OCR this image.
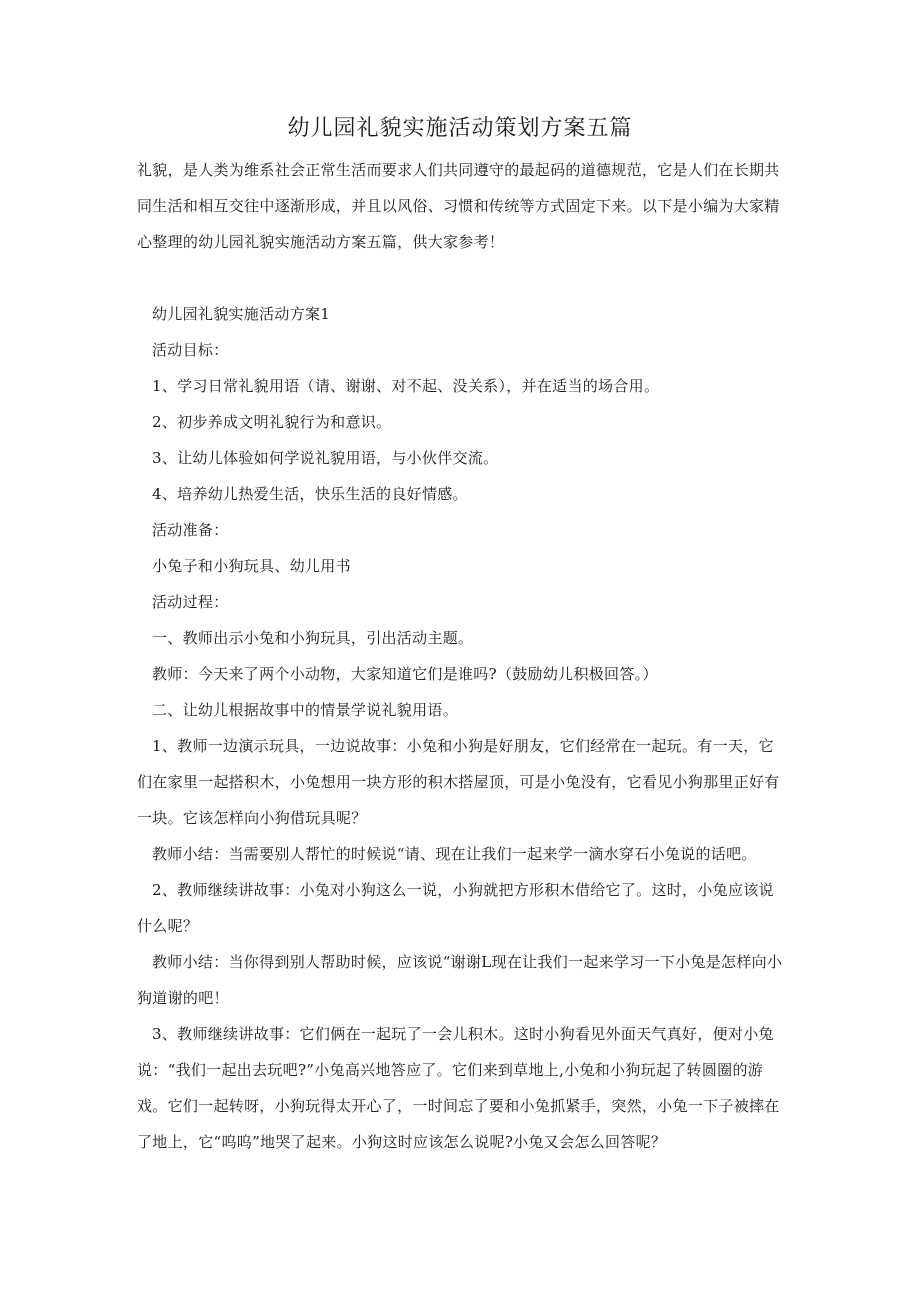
幼儿园礼貌实施活动策划方案五篇

礼貌，是人类为维系社会正常生活而要求人们共同遵守的最起码的道德规范，它是人们在长期共同生活和相互交往中逐渐形成，并且以风俗、习惯和传统等方式固定下来。以下是小编为大家精心整理的幼儿园礼貌实施活动方案五篇，供大家参考！

幼儿园礼貌实施活动方案1

活动目标：

1、学习日常礼貌用语（请、谢谢、对不起、没关系），并在适当的场合用。

2、初步养成文明礼貌行为和意识。

3、让幼儿体验如何学说礼貌用语，与小伙伴交流。

4、培养幼儿热爱生活，快乐生活的良好情感。

活动准备：

小兔子和小狗玩具、幼儿用书

活动过程：

一、教师出示小兔和小狗玩具，引出活动主题。

教师：今天来了两个小动物，大家知道它们是谁吗?（鼓励幼儿积极回答。）

二、让幼儿根据故事中的情景学说礼貌用语。

1、教师一边演示玩具，一边说故事：小兔和小狗是好朋友，它们经常在一起玩。有一天，它们在家里一起搭积木，小兔想用一块方形的积木搭屋顶，可是小兔没有，它看见小狗那里正好有一块。它该怎样向小狗借玩具呢？

教师小结：当需要别人帮忙的时候说“请、现在让我们一起来学一滴水穿石小兔说的话吧。

2、教师继续讲故事：小兔对小狗这么一说，小狗就把方形积木借给它了。这时，小兔应该说什么呢？

教师小结：当你得到别人帮助时候，应该说“谢谢L现在让我们一起来学习一下小兔是怎样向小狗道谢的吧！

3、教师继续讲故事：它们俩在一起玩了一会儿积木。这时小狗看见外面天气真好，便对小兔说：“我们一起出去玩吧?”小兔高兴地答应了。它们来到草地上,小兔和小狗玩起了转圆圈的游戏。它们一起转呀，小狗玩得太开心了，一时间忘了要和小兔抓紧手，突然，小兔一下子被摔在了地上，它“呜呜”地哭了起来。小狗这时应该怎么说呢?小兔又会怎么回答呢？
